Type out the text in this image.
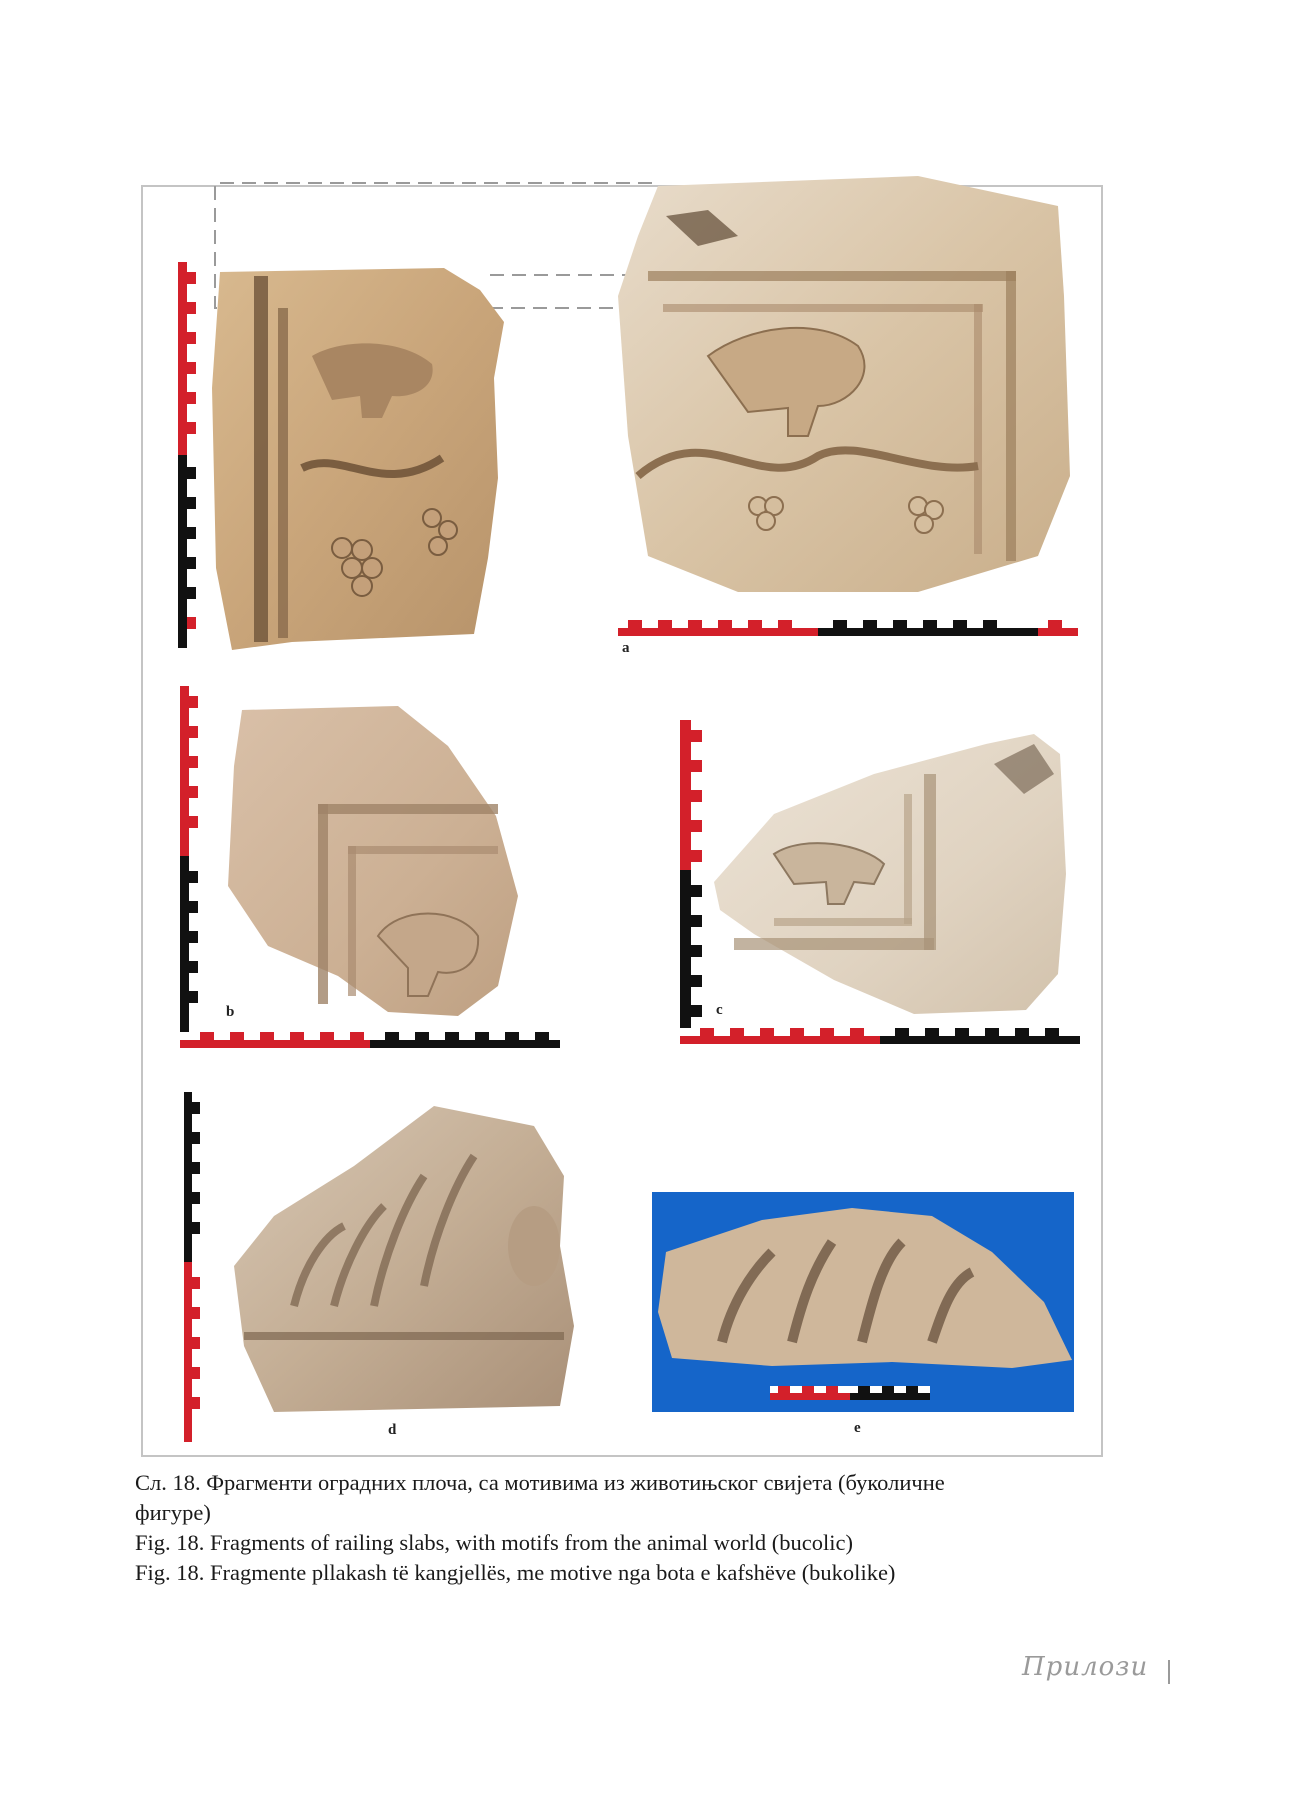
a
b	c
d	e
Сл. 18. Фрагменти оградних плоча, са мотивима из животињског свијета (буколичне
фигуре)
Fig. 18. Fragments of railing slabs, with motifs from the animal world (bucolic)
Fig. 18. Fragmente pllakash të kangjellës, me motive nga bota e kafshëve (bukolike)
Прилози
